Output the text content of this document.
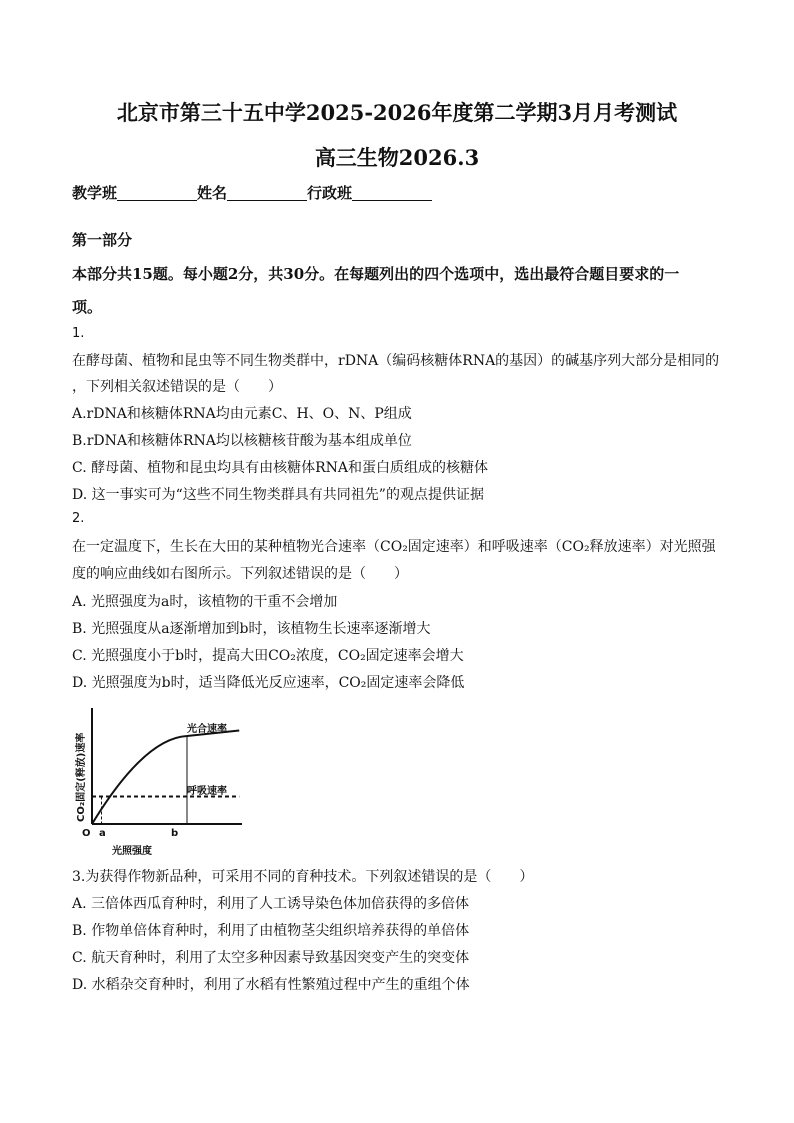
北京市第三十五中学2025-2026年度第二学期3月月考测试
高三生物2026.3
教学班	姓名	行政班
第一部分
本部分共15题。每小题2分，共30分。在每题列出的四个选项中，选出最符合题目要求的一
项。
1.
在酵母菌、植物和昆虫等不同生物类群中，rDNA（编码核糖体RNA的基因）的碱基序列大部分是相同的
，下列相关叙述错误的是（　　）
A.rDNA和核糖体RNA均由元素C、H、O、N、P组成
B.rDNA和核糖体RNA均以核糖核苷酸为基本组成单位
C. 酵母菌、植物和昆虫均具有由核糖体RNA和蛋白质组成的核糖体
D. 这一事实可为“这些不同生物类群具有共同祖先”的观点提供证据
2.
在一定温度下，生长在大田的某种植物光合速率（CO₂固定速率）和呼吸速率（CO₂释放速率）对光照强
度的响应曲线如右图所示。下列叙述错误的是（　　）
A. 光照强度为a时，该植物的干重不会增加
B. 光照强度从a逐渐增加到b时，该植物生长速率逐渐增大
C. 光照强度小于b时，提高大田CO₂浓度，CO₂固定速率会增大
D. 光照强度为b时，适当降低光反应速率，CO₂固定速率会降低
光合速率
呼吸速率
O a	b
光照强度
CO₂固定(释放)速率
3.为获得作物新品种，可采用不同的育种技术。下列叙述错误的是（　　）
A. 三倍体西瓜育种时，利用了人工诱导染色体加倍获得的多倍体
B. 作物单倍体育种时，利用了由植物茎尖组织培养获得的单倍体
C. 航天育种时，利用了太空多种因素导致基因突变产生的突变体
D. 水稻杂交育种时，利用了水稻有性繁殖过程中产生的重组个体
